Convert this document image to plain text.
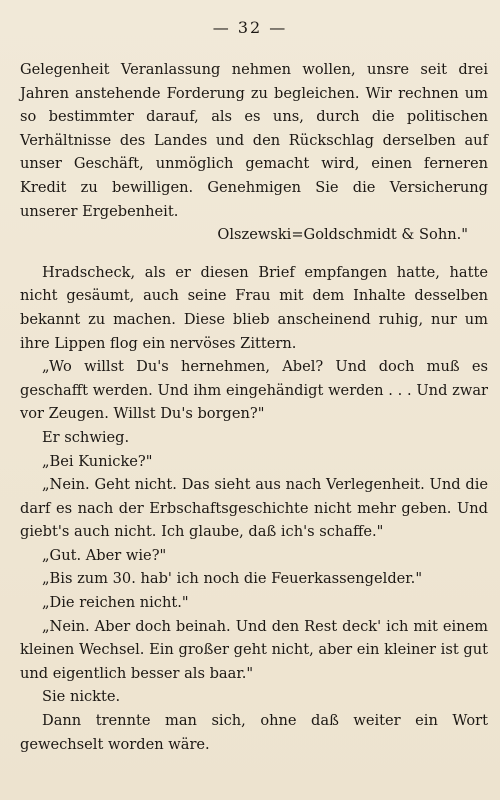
— 32 —

Gelegenheit Veranlassung nehmen wollen, unsre seit drei Jahren anstehende Forderung zu begleichen. Wir rechnen um so bestimmter darauf, als es uns, durch die politischen Verhältnisse des Landes und den Rückschlag derselben auf unser Geschäft, unmöglich gemacht wird, einen ferneren Kredit zu bewilligen. Genehmigen Sie die Versicherung unserer Ergebenheit.

Olszewski=Goldschmidt & Sohn."

Hradscheck, als er diesen Brief empfangen hatte, hatte nicht gesäumt, auch seine Frau mit dem Inhalte desselben bekannt zu machen. Diese blieb anscheinend ruhig, nur um ihre Lippen flog ein nervöses Zittern.

„Wo willst Du's hernehmen, Abel? Und doch muß es geschafft werden. Und ihm eingehändigt werden . . . Und zwar vor Zeugen. Willst Du's borgen?"

Er schwieg.

„Bei Kunicke?"

„Nein. Geht nicht. Das sieht aus nach Verlegenheit. Und die darf es nach der Erbschaftsgeschichte nicht mehr geben. Und giebt's auch nicht. Ich glaube, daß ich's schaffe."

„Gut. Aber wie?"

„Bis zum 30. hab' ich noch die Feuerkassengelder."

„Die reichen nicht."

„Nein. Aber doch beinah. Und den Rest deck' ich mit einem kleinen Wechsel. Ein großer geht nicht, aber ein kleiner ist gut und eigentlich besser als baar."

Sie nickte.

Dann trennte man sich, ohne daß weiter ein Wort gewechselt worden wäre.
